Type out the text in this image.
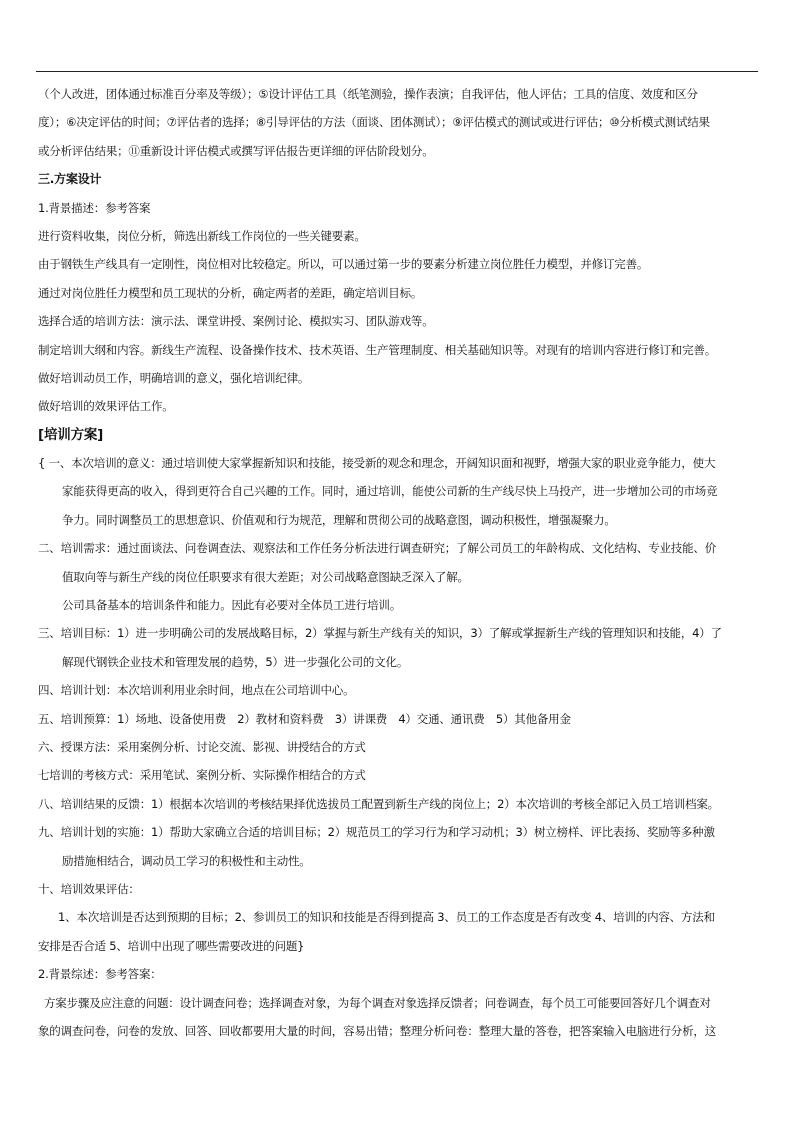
（个人改进，团体通过标准百分率及等级）；⑤设计评估工具（纸笔测验，操作表演；自我评估，他人评估；工具的信度、效度和区分
度）；⑥决定评估的时间；⑦评估者的选择；⑧引导评估的方法（面谈、团体测试）；⑨评估模式的测试或进行评估；⑩分析模式测试结果
或分析评估结果；⑪重新设计评估模式或撰写评估报告更详细的评估阶段划分。
三.方案设计
1.背景描述：参考答案
进行资料收集，岗位分析，筛选出新线工作岗位的一些关键要素。
由于钢铁生产线具有一定刚性，岗位相对比较稳定。所以，可以通过第一步的要素分析建立岗位胜任力模型，并修订完善。
通过对岗位胜任力模型和员工现状的分析，确定两者的差距，确定培训目标。
选择合适的培训方法：演示法、课堂讲授、案例讨论、模拟实习、团队游戏等。
制定培训大纲和内容。新线生产流程、设备操作技术、技术英语、生产管理制度、相关基础知识等。对现有的培训内容进行修订和完善。
做好培训动员工作，明确培训的意义，强化培训纪律。
做好培训的效果评估工作。
[培训方案]
{ 一、本次培训的意义：通过培训使大家掌握新知识和技能，接受新的观念和理念，开阔知识面和视野，增强大家的职业竞争能力，使大
家能获得更高的收入，得到更符合自己兴趣的工作。同时，通过培训，能使公司新的生产线尽快上马投产，进一步增加公司的市场竞
争力。同时调整员工的思想意识、价值观和行为规范，理解和贯彻公司的战略意图，调动积极性，增强凝聚力。
二、培训需求：通过面谈法、问卷调查法、观察法和工作任务分析法进行调查研究；了解公司员工的年龄构成、文化结构、专业技能、价
值取向等与新生产线的岗位任职要求有很大差距；对公司战略意图缺乏深入了解。
公司具备基本的培训条件和能力。因此有必要对全体员工进行培训。
三、培训目标：1）进一步明确公司的发展战略目标，2）掌握与新生产线有关的知识，3）了解或掌握新生产线的管理知识和技能，4）了
解现代钢铁企业技术和管理发展的趋势，5）进一步强化公司的文化。
四、培训计划：本次培训利用业余时间，地点在公司培训中心。
五、培训预算：1）场地、设备使用费　2）教材和资料费　3）讲课费　4）交通、通讯费　5）其他备用金
六、授课方法：采用案例分析、讨论交流、影视、讲授结合的方式
七培训的考核方式：采用笔试、案例分析、实际操作相结合的方式
八、培训结果的反馈：1）根据本次培训的考核结果择优选拔员工配置到新生产线的岗位上；2）本次培训的考核全部记入员工培训档案。
九、培训计划的实施：1）帮助大家确立合适的培训目标；2）规范员工的学习行为和学习动机；3）树立榜样、评比表扬、奖励等多种激
励措施相结合，调动员工学习的积极性和主动性。
十、培训效果评估：
1、本次培训是否达到预期的目标；2、参训员工的知识和技能是否得到提高 3、员工的工作态度是否有改变 4、培训的内容、方法和
安排是否合适 5、培训中出现了哪些需要改进的问题}
2.背景综述：参考答案：
方案步骤及应注意的问题：设计调查问卷；选择调查对象，为每个调查对象选择反馈者；问卷调查，每个员工可能要回答好几个调查对
象的调查问卷，问卷的发放、回答、回收都要用大量的时间，容易出错；整理分析问卷：整理大量的答卷，把答案输入电脑进行分析，这
